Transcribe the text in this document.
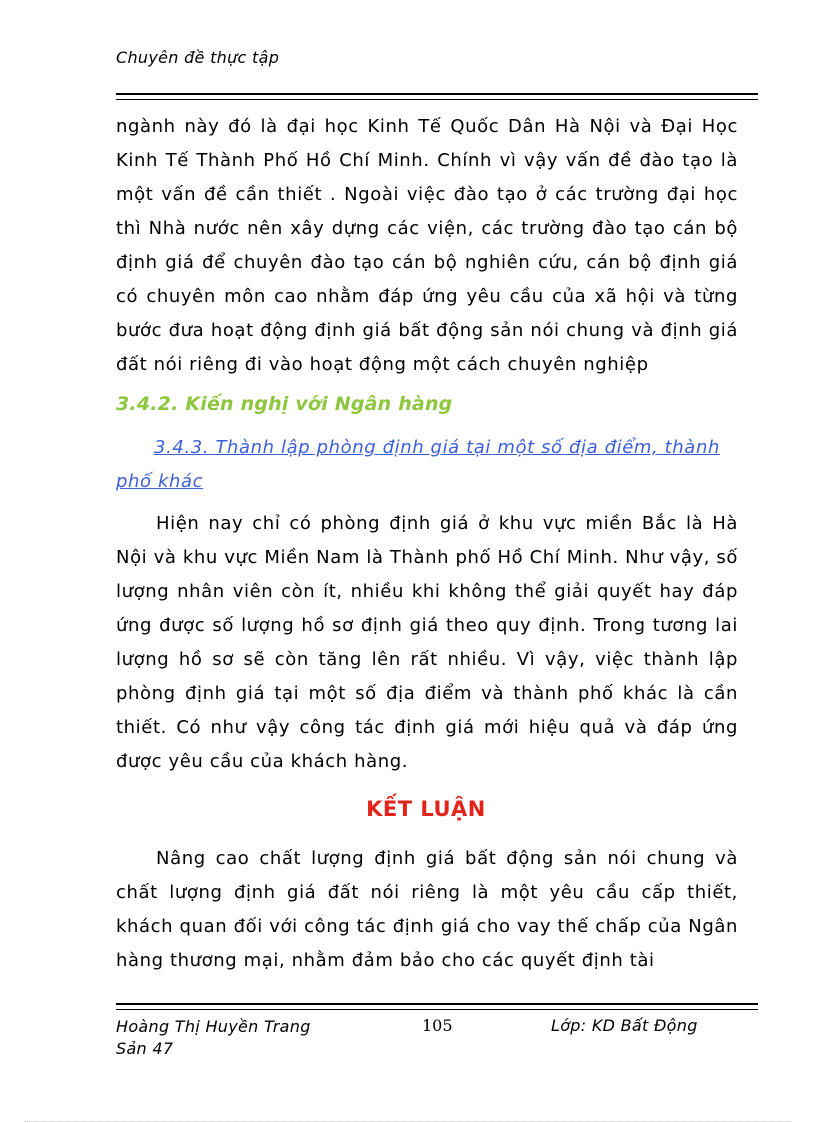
Chuyên đề thực tập

ngành này đó là đại học Kinh Tế Quốc Dân Hà Nội và Đại Học Kinh Tế Thành Phố Hồ Chí Minh. Chính vì vậy vấn đề đào tạo là một vấn đề cần thiết . Ngoài việc đào tạo ở các trường đại học thì Nhà nước nên xây dựng các viện, các trường đào tạo cán bộ định giá để chuyên đào tạo cán bộ nghiên cứu, cán bộ định giá có chuyên môn cao nhằm đáp ứng yêu cầu của xã hội và từng bước đưa hoạt động định giá bất động sản nói chung và định giá đất nói riêng đi vào hoạt động một cách chuyên nghiệp

3.4.2. Kiến nghị với Ngân hàng

3.4.3. Thành lập phòng định giá tại một số địa điểm, thành phố khác

Hiện nay chỉ có phòng định giá ở khu vực miền Bắc là Hà Nội và khu vực Miền Nam là Thành phố Hồ Chí Minh. Như vậy, số lượng nhân viên còn ít, nhiều khi không thể giải quyết hay đáp ứng được số lượng hồ sơ định giá theo quy định. Trong tương lai lượng hồ sơ sẽ còn tăng lên rất nhiều. Vì vậy, việc thành lập phòng định giá tại một số địa điểm và thành phố khác là cần thiết. Có như vậy công tác định giá mới hiệu quả và đáp ứng được yêu cầu của khách hàng.

KẾT LUẬN

Nâng cao chất lượng định giá bất động sản nói chung và chất lượng định giá đất nói riêng là một yêu cầu cấp thiết, khách quan đối với công tác định giá cho vay thế chấp của Ngân hàng thương mại, nhằm đảm bảo cho các quyết định tài

Hoàng Thị Huyền Trang
Sản 47
105	Lớp: KD Bất Động
